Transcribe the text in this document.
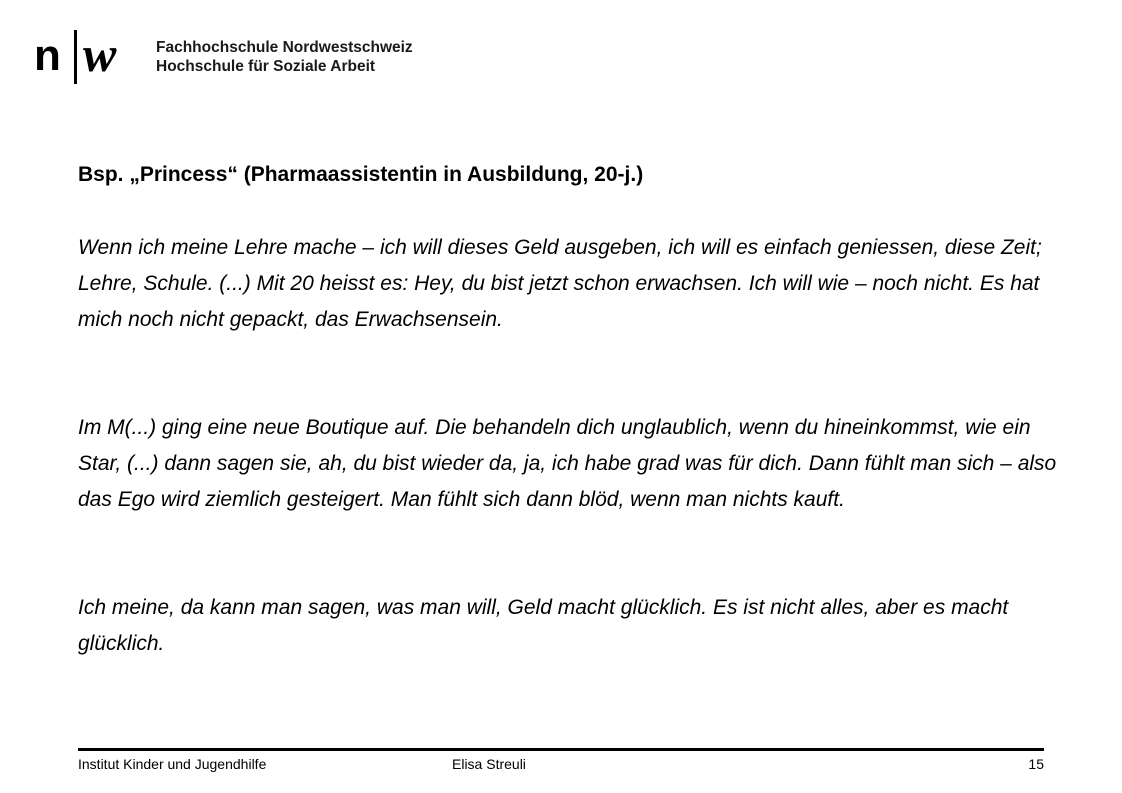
n w	Fachhochschule Nordwestschweiz
Hochschule für Soziale Arbeit
Bsp. „Princess“ (Pharmaassistentin in Ausbildung, 20-j.)

Wenn ich meine Lehre mache – ich will dieses Geld ausgeben, ich will es einfach geniessen, diese Zeit; Lehre, Schule. (...) Mit 20 heisst es: Hey, du bist jetzt schon erwachsen. Ich will wie – noch nicht. Es hat mich noch nicht gepackt, das Erwachsensein.

Im M(...) ging eine neue Boutique auf. Die behandeln dich unglaublich, wenn du hineinkommst, wie ein Star, (...) dann sagen sie, ah, du bist wieder da, ja, ich habe grad was für dich. Dann fühlt man sich – also das Ego wird ziemlich gesteigert. Man fühlt sich dann blöd, wenn man nichts kauft.

Ich meine, da kann man sagen, was man will, Geld macht glücklich. Es ist nicht alles, aber es macht glücklich.

Institut Kinder und Jugendhilfe	Elisa Streuli	15
